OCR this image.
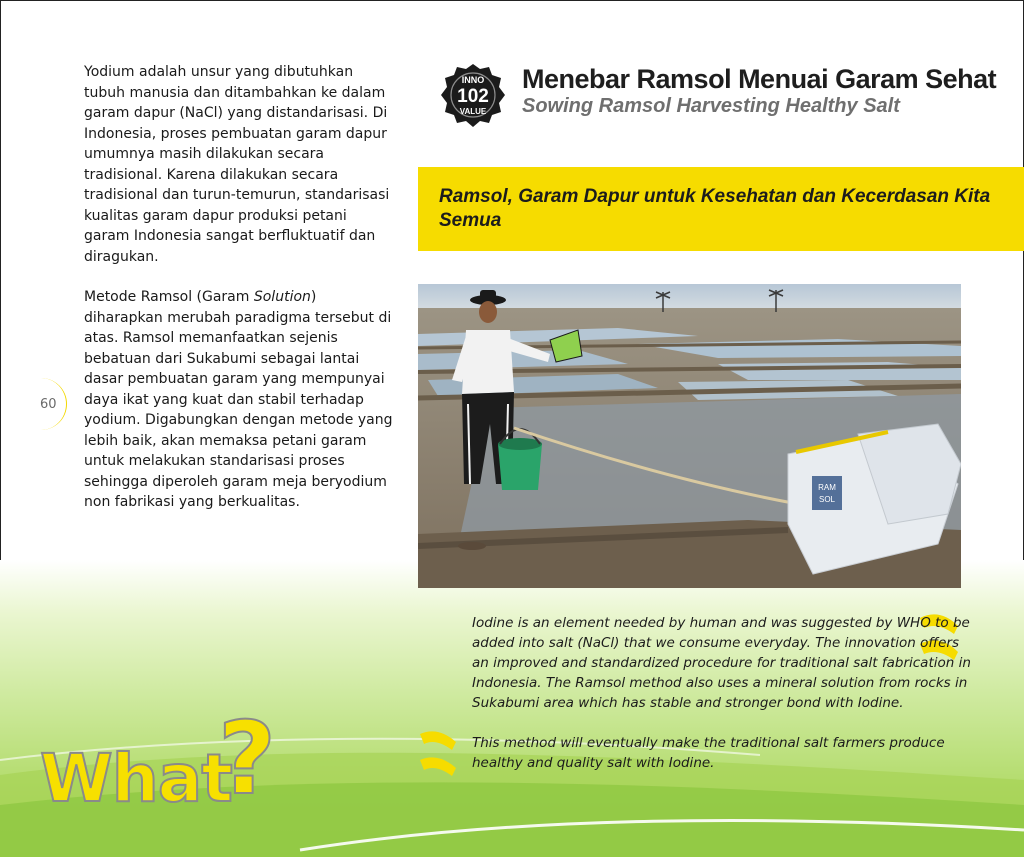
Yodium adalah unsur yang dibutuhkan tubuh manusia dan ditambahkan ke dalam garam dapur (NaCl) yang distandarisasi. Di Indonesia, proses pembuatan garam dapur umumnya masih dilakukan secara tradisional. Karena dilakukan secara tradisional dan turun-temurun, standarisasi kualitas garam dapur produksi petani garam Indonesia sangat berfluktuatif dan diragukan.

Metode Ramsol (Garam Solution) diharapkan merubah paradigma tersebut di atas. Ramsol memanfaatkan sejenis bebatuan dari Sukabumi sebagai lantai dasar pembuatan garam yang mempunyai daya ikat yang kuat dan stabil terhadap yodium. Digabungkan dengan metode yang lebih baik, akan memaksa petani garam untuk melakukan standarisasi proses sehingga diperoleh garam meja beryodium non fabrikasi yang berkualitas.

60
INNO
102
VALUE
Menebar Ramsol Menuai Garam Sehat
Sowing Ramsol Harvesting Healthy Salt
Ramsol, Garam Dapur untuk Kesehatan dan Kecerdasan Kita Semua
RAM
SOL

Iodine is an element needed by human and was suggested by WHO to be added into salt (NaCl) that we consume everyday. The innovation offers an improved and standardized procedure for traditional salt fabrication in Indonesia. The Ramsol method also uses a mineral solution from rocks in Sukabumi area which has stable and stronger bond with Iodine.

This method will eventually make the traditional salt farmers produce healthy and quality salt with Iodine.

What
?
